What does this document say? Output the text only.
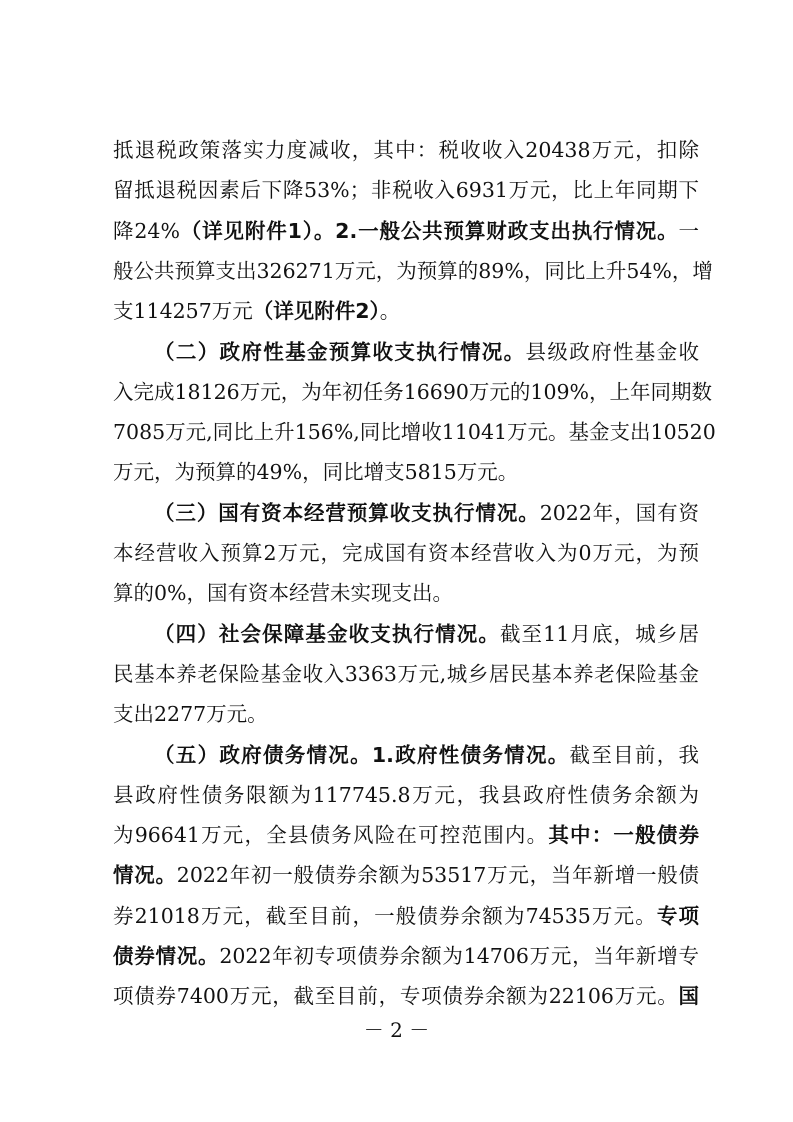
抵退税政策落实力度减收，其中：税收收入20438万元，扣除
留抵退税因素后下降53%；非税收入6931万元，比上年同期下
降24%（详见附件1）。2.一般公共预算财政支出执行情况。一
般公共预算支出326271万元，为预算的89%，同比上升54%，增
支114257万元（详见附件2）。
（二）政府性基金预算收支执行情况。县级政府性基金收
入完成18126万元，为年初任务16690万元的109%，上年同期数
7085万元,同比上升156%,同比增收11041万元。基金支出10520
万元，为预算的49%，同比增支5815万元。
（三）国有资本经营预算收支执行情况。2022年，国有资
本经营收入预算2万元，完成国有资本经营收入为0万元，为预
算的0%，国有资本经营未实现支出。
（四）社会保障基金收支执行情况。截至11月底，城乡居
民基本养老保险基金收入3363万元,城乡居民基本养老保险基金
支出2277万元。
（五）政府债务情况。1.政府性债务情况。截至目前，我
县政府性债务限额为117745.8万元，我县政府性债务余额为
为96641万元，全县债务风险在可控范围内。其中：一般债券
情况。2022年初一般债券余额为53517万元，当年新增一般债
券21018万元，截至目前，一般债券余额为74535万元。专项
债券情况。2022年初专项债券余额为14706万元，当年新增专
项债券7400万元，截至目前，专项债券余额为22106万元。国
－ 2 －
